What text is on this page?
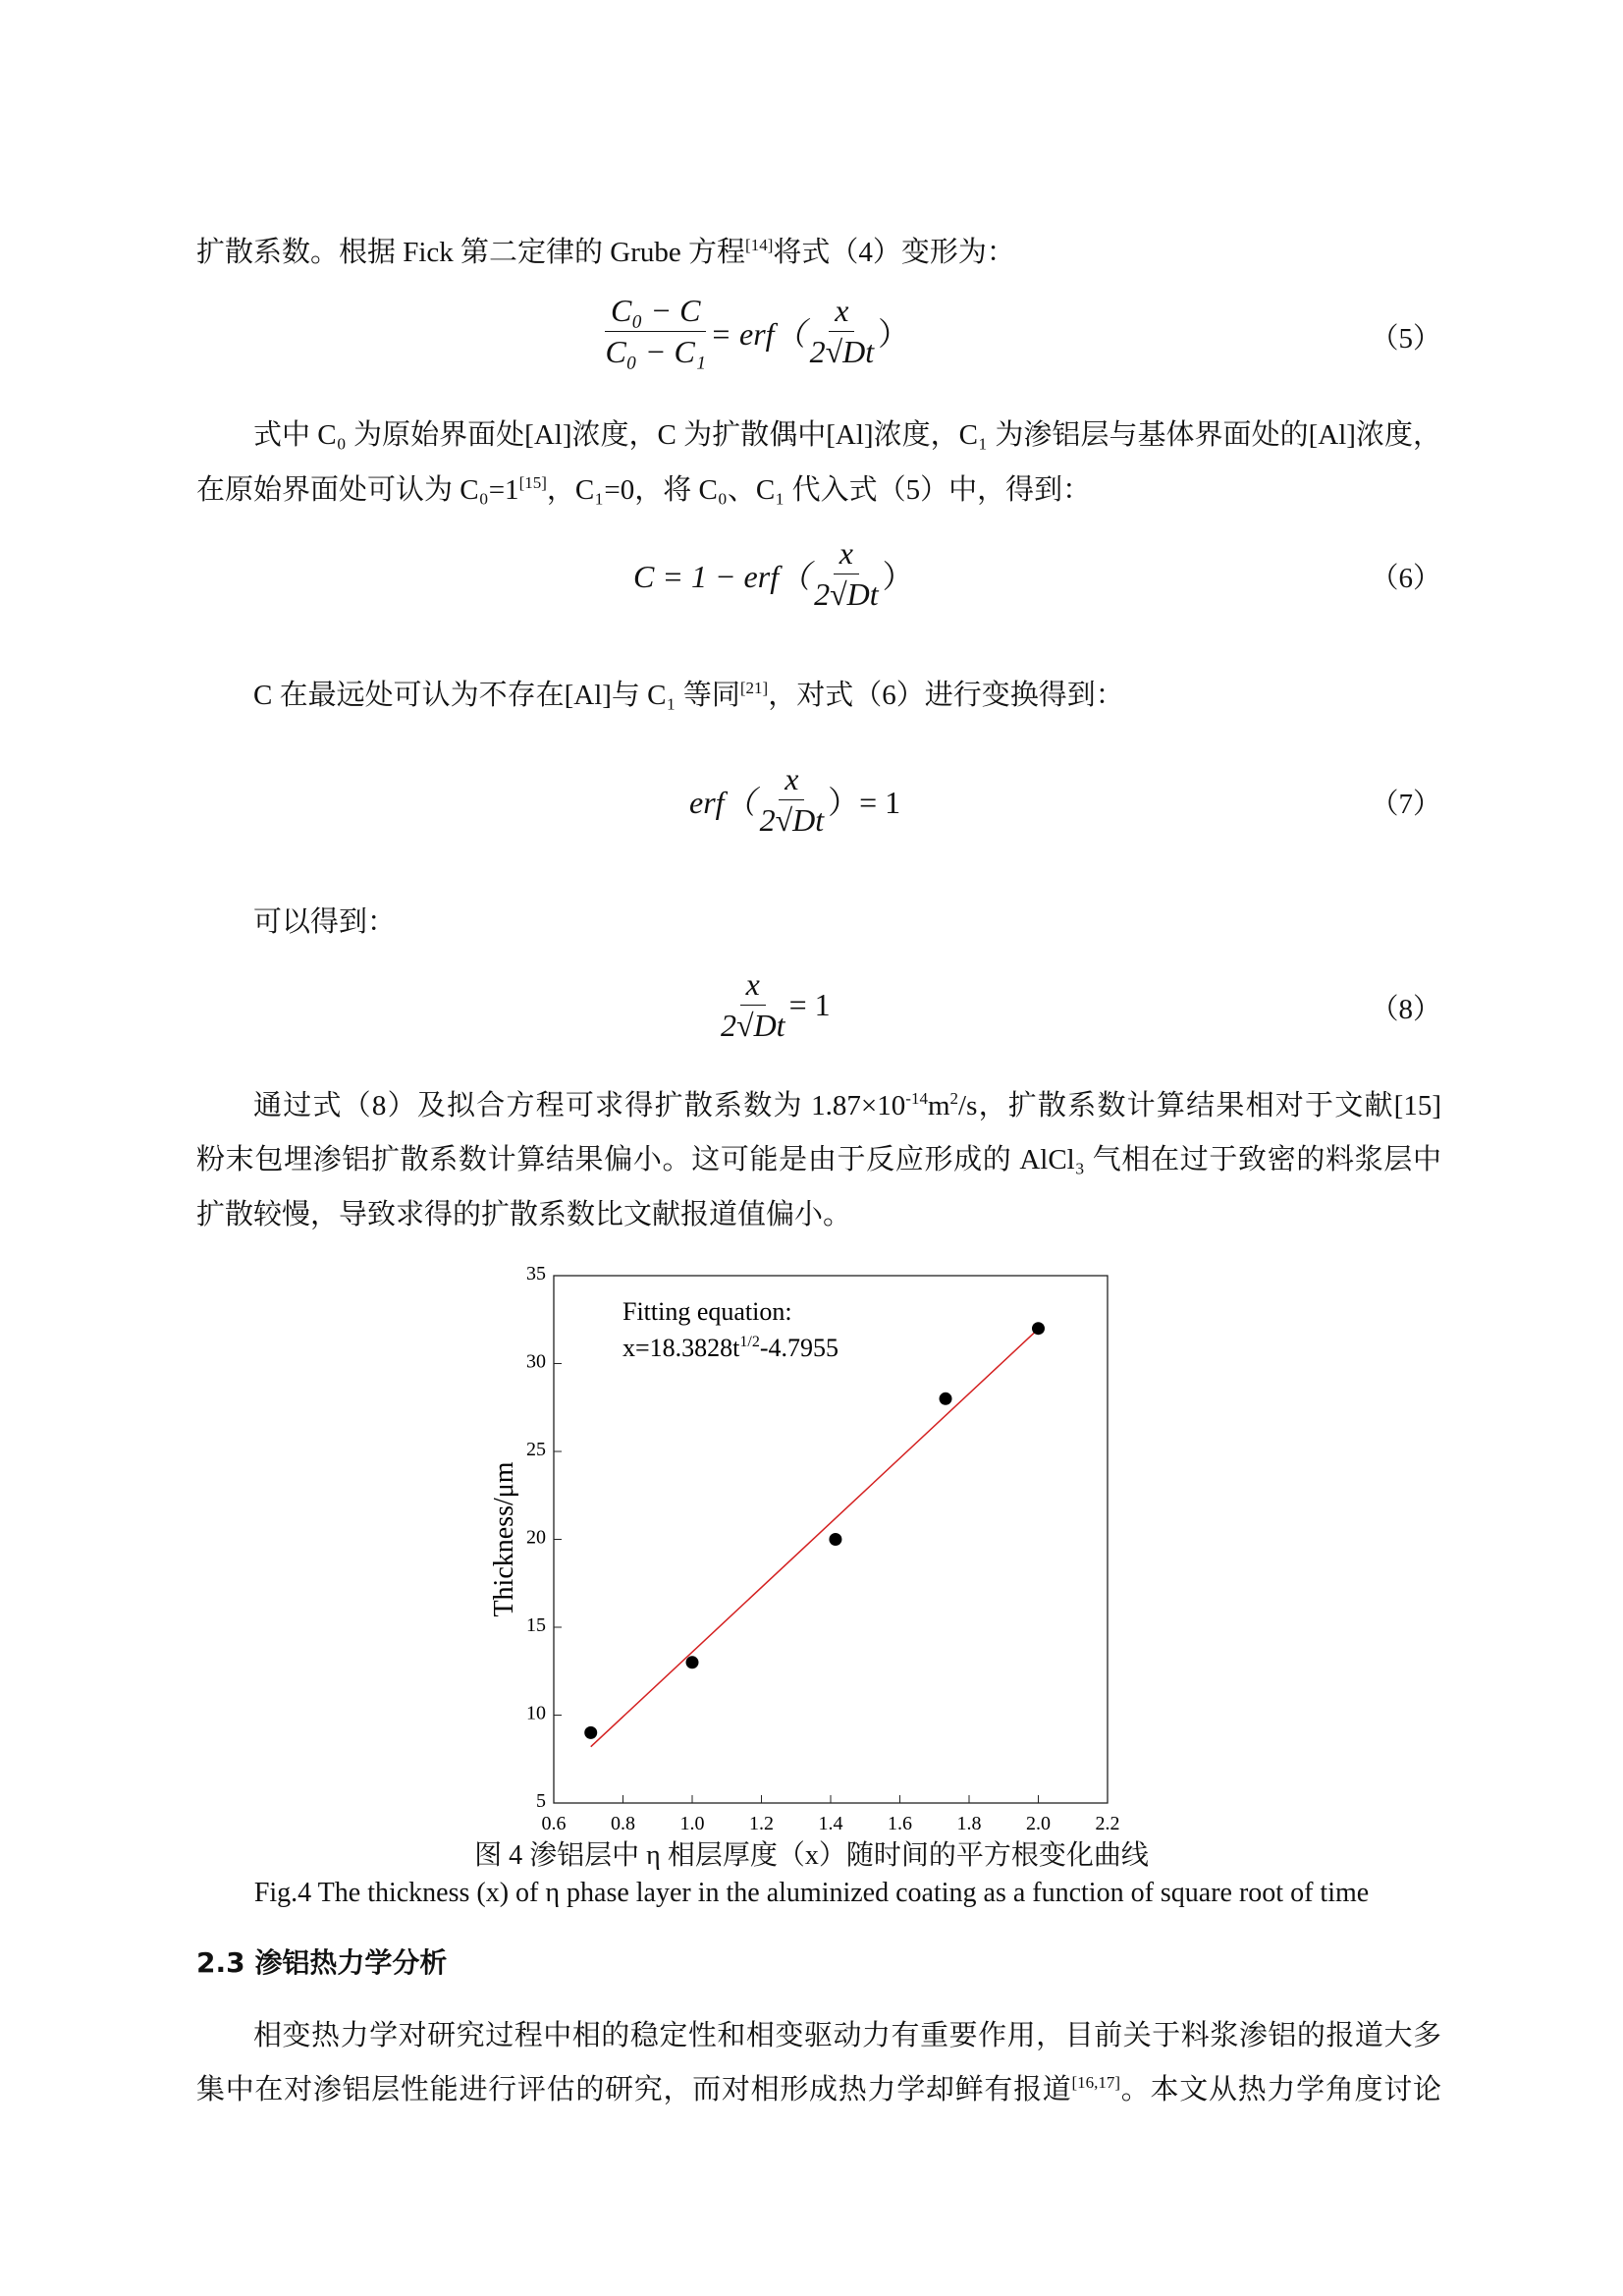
扩散系数。根据 Fick 第二定律的 Grube 方程[14]将式（4）变形为：
$\frac{\text{C₀ − C}}{\text{C₀ − C₁}} = erf( \frac{x}{2√Dt}$ ）	（5）
式中 C₀ 为原始界面处[Al]浓度，C 为扩散偶中[Al]浓度，C₁ 为渗铝层与基体界面处的[Al]浓度，
在原始界面处可认为 C₀=1[15]，C₁=0，将 C₀、C₁ 代入式（5）中，得到：
$C = 1 - erf( \frac{x}{2√Dt}$ ）	（6）
C 在最远处可认为不存在[Al]与 C₁ 等同[21]，对式（6）进行变换得到：
$erf( \frac{x}{2√Dt}$ ）= 1	（7）
可以得到：
$\frac{x}{2√Dt} = 1$	（8）
通过式（8）及拟合方程可求得扩散系数为 $1.87\times 10^{-14}m^2/s$，扩散系数计算结果相对于文献[15]
粉末包埋渗铝扩散系数计算结果偏小。这可能是由于反应形成的 AlCl₃ 气相在过于致密的料浆层中
扩散较慢，导致求得的扩散系数比文献报道值偏小。
0.6 0.8 1.0 1.2 1.4 1.6 1.8 2.0 2.2
5
10
15
20
25
30
35
Fitting equation:
$x=18.3828t^{1/2}-4.7955$
Thickness/μm
图 4 渗铝层中 η 相层厚度（x）随时间的平方根变化曲线
Fig.4 The thickness (x) of η phase layer in the aluminized coating as a function of square root of time
2.3 渗铝热力学分析
相变热力学对研究过程中相的稳定性和相变驱动力有重要作用，目前关于料浆渗铝的报道大多
集中在对渗铝层性能进行评估的研究，而对相形成热力学却鲜有报道[16,17]。本文从热力学角度讨论
